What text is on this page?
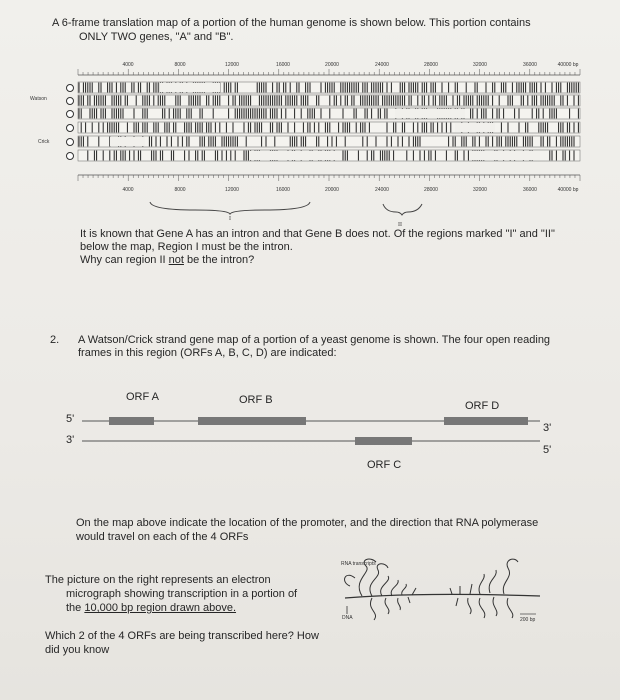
A 6-frame translation map of a portion of the human genome is shown below. This portion contains
ONLY TWO genes, "A" and "B".
4000	8000	12000	16000	20000	24000	28000	32000	36000	40000 bp
Watson
Crick
4000	8000	12000	16000	20000	24000	28000	32000	36000	40000 bp
I
II
It is known that Gene A has an intron and that Gene B does not. Of the regions marked "I" and "II"
below the map, Region I must be the intron.
Why can region II not be the intron?
2. A Watson/Crick strand gene map of a portion of a yeast genome is shown. The four open reading
frames in this region (ORFs A, B, C, D) are indicated:
ORF A	ORF B	ORF D
ORF C
5'
3'
3'
5'
On the map above indicate the location of the promoter, and the direction that RNA polymerase
would travel on each of the 4 ORFs
The picture on the right represents an electron
micrograph showing transcription in a portion of
the 10,000 bp region drawn above.
Which 2 of the 4 ORFs are being transcribed here? How
did you know
RNA transcripts
DNA	200 bp
